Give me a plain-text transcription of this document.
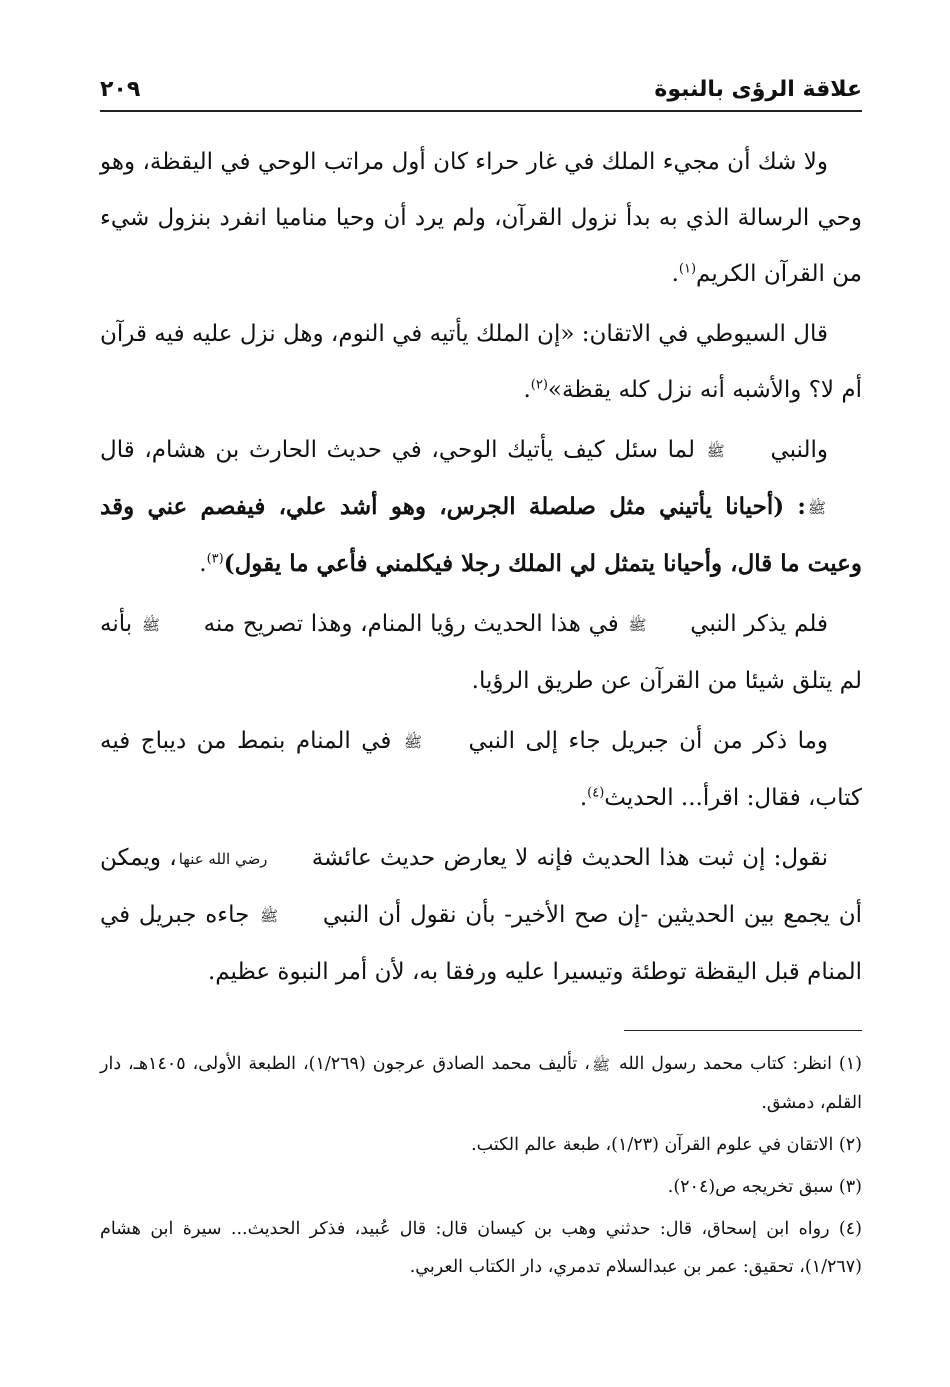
علاقة الرؤى بالنبوة
٢٠٩

ولا شك أن مجيء الملك في غار حراء كان أول مراتب الوحي في اليقظة، وهو وحي الرسالة الذي به بدأ نزول القرآن، ولم يرد أن وحيا مناميا انفرد بنزول شيء من القرآن الكريم$^{(١)}$.

قال السيوطي في الاتقان: «إن الملك يأتيه في النوم، وهل نزل عليه فيه قرآن أم لا؟ والأشبه أنه نزل كله يقظة»$^{(٢)}$.

والنبي ﷺ لما سئل كيف يأتيك الوحي، في حديث الحارث بن هشام، قال ﷺ: (أحيانا يأتيني مثل صلصلة الجرس، وهو أشد علي، فيفصم عني وقد وعيت ما قال، وأحيانا يتمثل لي الملك رجلا فيكلمني فأعي ما يقول)$^{(٣)}$.

فلم يذكر النبي ﷺ في هذا الحديث رؤيا المنام، وهذا تصريح منه ﷺ بأنه لم يتلق شيئا من القرآن عن طريق الرؤيا.

وما ذكر من أن جبريل جاء إلى النبي ﷺ في المنام بنمط من ديباج فيه كتاب، فقال: اقرأ... الحديث$^{(٤)}$.

نقول: إن ثبت هذا الحديث فإنه لا يعارض حديث عائشة رضي الله عنها، ويمكن أن يجمع بين الحديثين -إن صح الأخير- بأن نقول أن النبي ﷺ جاءه جبريل في المنام قبل اليقظة توطئة وتيسيرا عليه ورفقا به، لأن أمر النبوة عظيم.

(١) انظر: كتاب محمد رسول الله ﷺ، تأليف محمد الصادق عرجون (١/٢٦٩)، الطبعة الأولى، ١٤٠٥هـ، دار القلم، دمشق.

(٢) الاتقان في علوم القرآن (١/٢٣)، طبعة عالم الكتب.

(٣) سبق تخريجه ص(٢٠٤).

(٤) رواه ابن إسحاق، قال: حدثني وهب بن كيسان قال: قال عُبيد، فذكر الحديث... سيرة ابن هشام (١/٢٦٧)، تحقيق: عمر بن عبدالسلام تدمري، دار الكتاب العربي.
